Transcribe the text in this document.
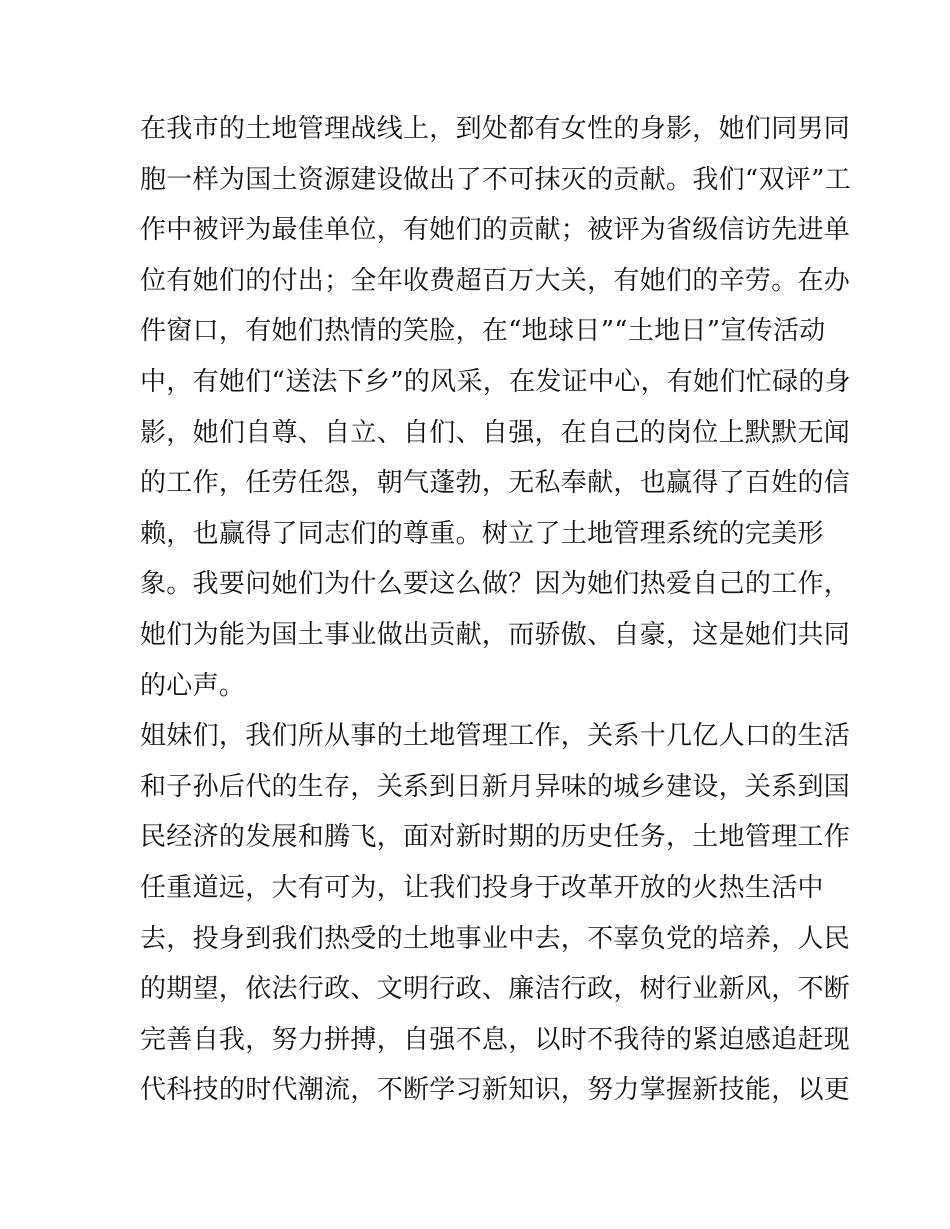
在我市的土地管理战线上，到处都有女性的身影，她们同男同
胞一样为国土资源建设做出了不可抹灭的贡献。我们“双评”工
作中被评为最佳单位，有她们的贡献；被评为省级信访先进单
位有她们的付出；全年收费超百万大关，有她们的辛劳。在办
件窗口，有她们热情的笑脸，在“地球日”“土地日”宣传活动
中，有她们“送法下乡”的风采，在发证中心，有她们忙碌的身
影，她们自尊、自立、自们、自强，在自己的岗位上默默无闻
的工作，任劳任怨，朝气蓬勃，无私奉献，也赢得了百姓的信
赖，也赢得了同志们的尊重。树立了土地管理系统的完美形
象。我要问她们为什么要这么做？因为她们热爱自己的工作，
她们为能为国土事业做出贡献，而骄傲、自豪，这是她们共同
的心声。
姐妹们，我们所从事的土地管理工作，关系十几亿人口的生活
和子孙后代的生存，关系到日新月异味的城乡建设，关系到国
民经济的发展和腾飞，面对新时期的历史任务，土地管理工作
任重道远，大有可为，让我们投身于改革开放的火热生活中
去，投身到我们热受的土地事业中去，不辜负党的培养，人民
的期望，依法行政、文明行政、廉洁行政，树行业新风，不断
完善自我，努力拼搏，自强不息，以时不我待的紧迫感追赶现
代科技的时代潮流，不断学习新知识，努力掌握新技能，以更
